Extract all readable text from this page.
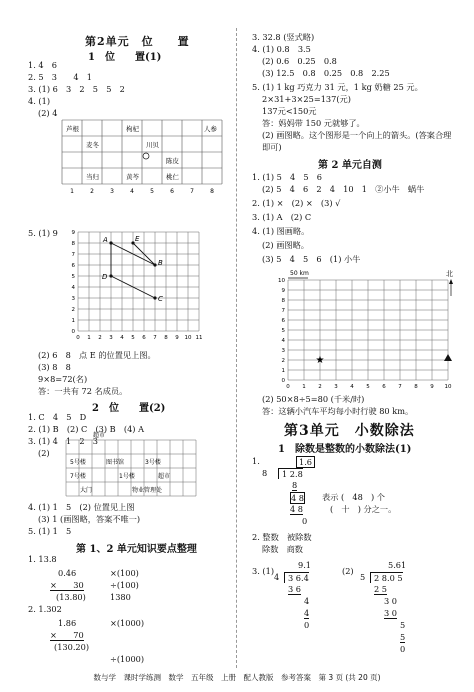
第2单元　位　　置
1　位　　置(1)
1. 4　6
2. 5　3　　4　1
3. (1) 6　3　2　5　5　2
4. (1)
(2) 4
芦根	枸杞	人参
麦冬	川贝
陈皮
当归	黄芩	桃仁
1	2	3	4	5	6	7	8
5. (1) 9
A	E
B
D
C
0 1 2 3 4 5 6 7 8 9 10 11
0
1
2
3
4
5
6
7
8
9
(2) 6　8　点 E 的位置见上图。
(3) 8　8
9×8=72(名)
答：一共有 72 名成员。
2　位　　置(2)
1. C　4　5　D
2. (1) B　(2) C　(3) B　(4) A
3. (1) 4　1　2　3
(2)
超市
5号楼	图书馆	3号楼
7号楼	1号楼	超市
大门	物业管理处
4. (1) 1　5　(2) 位置见上图
(3) 1 (画图略，答案不唯一)
5. (1) 1　5
第 1、2 单元知识要点整理
1. 13.8
0.46
×　　30
(13.80)
÷(100)
×(100)
1380
2. 1.302
1.86
×　　70
(130.20)
÷(1000)
×(1000)
3. 32.8 (竖式略)
4. (1) 0.8　3.5
(2) 0.6　0.25　0.8
(3) 12.5　0.8　0.25　0.8　2.25
5. (1) 1 kg 巧克力 31 元，1 kg 奶糖 25 元。
2×31+3×25=137(元)
137元<150元
答：妈妈带 150 元就够了。
(2) 画图略。这个图形是一个向上的箭头。(答案合理
即可)
第 2 单元自测
1. (1) 5　4　5　6
(2) 5　4　6　2　4　10　1　②小牛　蜗牛
2. (1) ×　(2) ×　(3) √
3. (1) A　(2) C
4. (1) 图画略。
(2) 画图略。
(3) 5　4　5　6　(1) 小牛
50 km	北
★
0 1 2 3 4 5 6 7 8 9 10
0
1
2
3
4
5
6
7
8
9
10
(2) 50×8÷5=80 (千米/时)
答：这辆小汽车平均每小时行驶 80 km。
第3单元　小数除法
1　除数是整数的小数除法(1)
1.	1.6
8	1 2.8
8
4 8
4 8
0
表示 (　48　) 个
(　十　) 分之一。
2. 整数　被除数
除数　商数
3. (1)
9.1
4	3 6.4
3 6
4
4
0
(2)
5.61
5	2 8.0 5
2 5
3 0
3 0
5
5
0
数与学　课时学练测　数学　五年级　上册　配人教版　参考答案　第 3 页 (共 20 页)
